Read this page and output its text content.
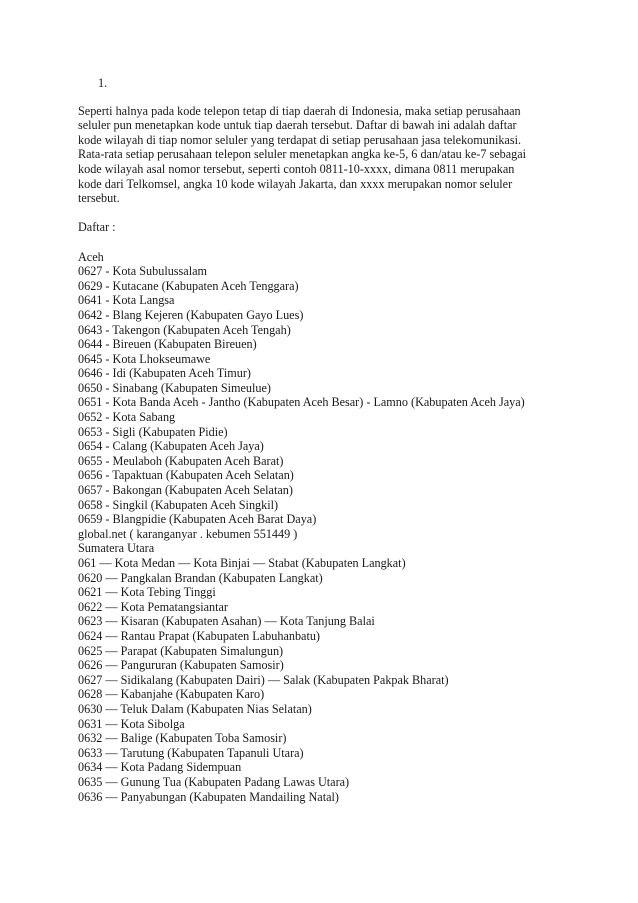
1.
Seperti halnya pada kode telepon tetap di tiap daerah di Indonesia, maka setiap perusahaan
seluler pun menetapkan kode untuk tiap daerah tersebut. Daftar di bawah ini adalah daftar
kode wilayah di tiap nomor seluler yang terdapat di setiap perusahaan jasa telekomunikasi.
Rata-rata setiap perusahaan telepon seluler menetapkan angka ke-5, 6 dan/atau ke-7 sebagai
kode wilayah asal nomor tersebut, seperti contoh 0811-10-xxxx, dimana 0811 merupakan
kode dari Telkomsel, angka 10 kode wilayah Jakarta, dan xxxx merupakan nomor seluler
tersebut.
Daftar :
Aceh
0627 - Kota Subulussalam
0629 - Kutacane (Kabupaten Aceh Tenggara)
0641 - Kota Langsa
0642 - Blang Kejeren (Kabupaten Gayo Lues)
0643 - Takengon (Kabupaten Aceh Tengah)
0644 - Bireuen (Kabupaten Bireuen)
0645 - Kota Lhokseumawe
0646 - Idi (Kabupaten Aceh Timur)
0650 - Sinabang (Kabupaten Simeulue)
0651 - Kota Banda Aceh - Jantho (Kabupaten Aceh Besar) - Lamno (Kabupaten Aceh Jaya)
0652 - Kota Sabang
0653 - Sigli (Kabupaten Pidie)
0654 - Calang (Kabupaten Aceh Jaya)
0655 - Meulaboh (Kabupaten Aceh Barat)
0656 - Tapaktuan (Kabupaten Aceh Selatan)
0657 - Bakongan (Kabupaten Aceh Selatan)
0658 - Singkil (Kabupaten Aceh Singkil)
0659 - Blangpidie (Kabupaten Aceh Barat Daya)
global.net ( karanganyar . kebumen 551449 )
Sumatera Utara
061 — Kota Medan — Kota Binjai — Stabat (Kabupaten Langkat)
0620 — Pangkalan Brandan (Kabupaten Langkat)
0621 — Kota Tebing Tinggi
0622 — Kota Pematangsiantar
0623 — Kisaran (Kabupaten Asahan) — Kota Tanjung Balai
0624 — Rantau Prapat (Kabupaten Labuhanbatu)
0625 — Parapat (Kabupaten Simalungun)
0626 — Pangururan (Kabupaten Samosir)
0627 — Sidikalang (Kabupaten Dairi) — Salak (Kabupaten Pakpak Bharat)
0628 — Kabanjahe (Kabupaten Karo)
0630 — Teluk Dalam (Kabupaten Nias Selatan)
0631 — Kota Sibolga
0632 — Balige (Kabupaten Toba Samosir)
0633 — Tarutung (Kabupaten Tapanuli Utara)
0634 — Kota Padang Sidempuan
0635 — Gunung Tua (Kabupaten Padang Lawas Utara)
0636 — Panyabungan (Kabupaten Mandailing Natal)
